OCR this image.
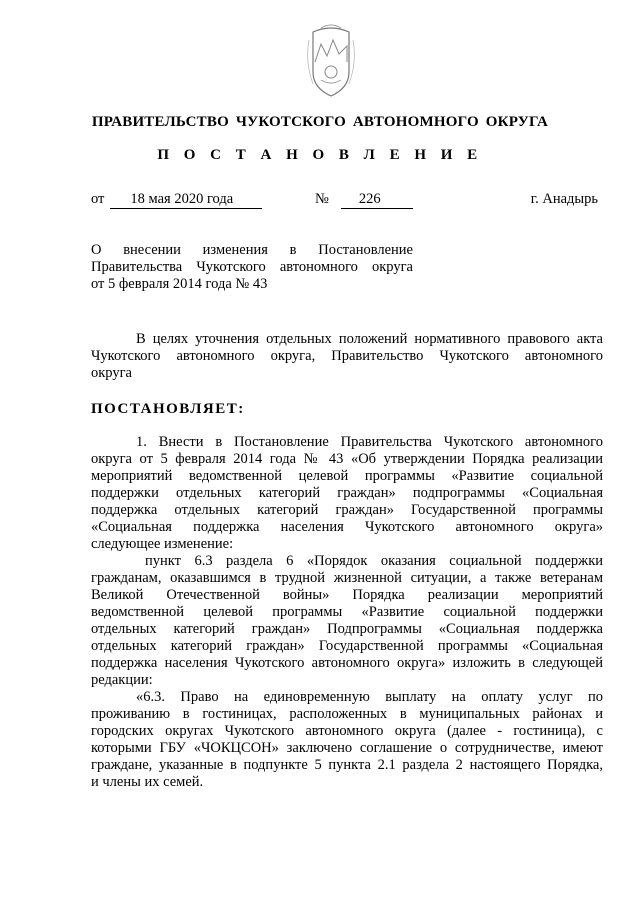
ПРАВИТЕЛЬСТВО ЧУКОТСКОГО АВТОНОМНОГО ОКРУГА
П О С Т А Н О В Л Е Н И Е
от 18 мая 2020 года	№ 226	г. Анадырь
О внесении изменения в Постановление
Правительства Чукотского автономного округа
от 5 февраля 2014 года № 43
В целях уточнения отдельных положений нормативного правового акта
Чукотского автономного округа, Правительство Чукотского автономного
округа
ПОСТАНОВЛЯЕТ:
1. Внести в Постановление Правительства Чукотского автономного
округа от 5 февраля 2014 года № 43 «Об утверждении Порядка реализации
мероприятий ведомственной целевой программы «Развитие социальной
поддержки отдельных категорий граждан» подпрограммы «Социальная
поддержка отдельных категорий граждан» Государственной программы
«Социальная поддержка населения Чукотского автономного округа»
следующее изменение:
пункт 6.3 раздела 6 «Порядок оказания социальной поддержки
гражданам, оказавшимся в трудной жизненной ситуации, а также ветеранам
Великой Отечественной войны» Порядка реализации мероприятий
ведомственной целевой программы «Развитие социальной поддержки
отдельных категорий граждан» Подпрограммы «Социальная поддержка
отдельных категорий граждан» Государственной программы «Социальная
поддержка населения Чукотского автономного округа» изложить в следующей
редакции:
«6.3. Право на единовременную выплату на оплату услуг по
проживанию в гостиницах, расположенных в муниципальных районах и
городских округах Чукотского автономного округа (далее - гостиница), с
которыми ГБУ «ЧОКЦСОН» заключено соглашение о сотрудничестве, имеют
граждане, указанные в подпункте 5 пункта 2.1 раздела 2 настоящего Порядка,
и члены их семей.
